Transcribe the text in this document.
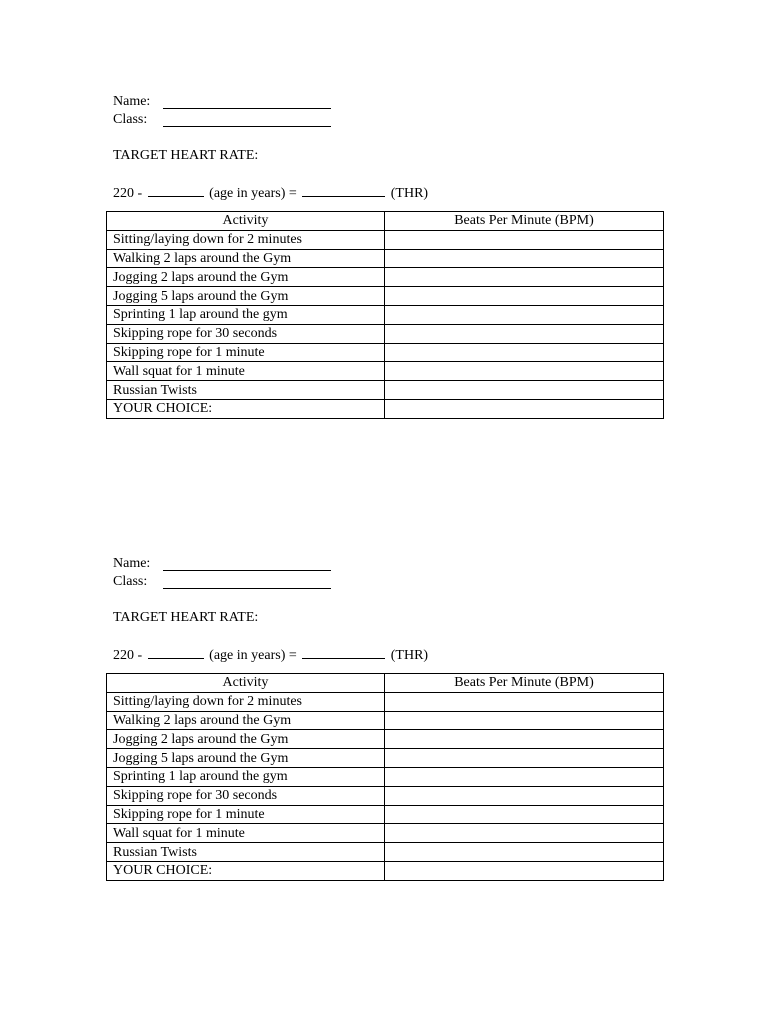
Name:
Class:
TARGET HEART RATE:
220 -	(age in years) =	(THR)
Activity	Beats Per Minute (BPM)
Sitting/laying down for 2 minutes	
Walking 2 laps around the Gym	
Jogging 2 laps around the Gym	
Jogging 5 laps around the Gym	
Sprinting 1 lap around the gym	
Skipping rope for 30 seconds	
Skipping rope for 1 minute	
Wall squat for 1 minute	
Russian Twists	
YOUR CHOICE:	
Name:
Class:
TARGET HEART RATE:
220 -	(age in years) =	(THR)
Activity	Beats Per Minute (BPM)
Sitting/laying down for 2 minutes	
Walking 2 laps around the Gym	
Jogging 2 laps around the Gym	
Jogging 5 laps around the Gym	
Sprinting 1 lap around the gym	
Skipping rope for 30 seconds	
Skipping rope for 1 minute	
Wall squat for 1 minute	
Russian Twists	
YOUR CHOICE:	
